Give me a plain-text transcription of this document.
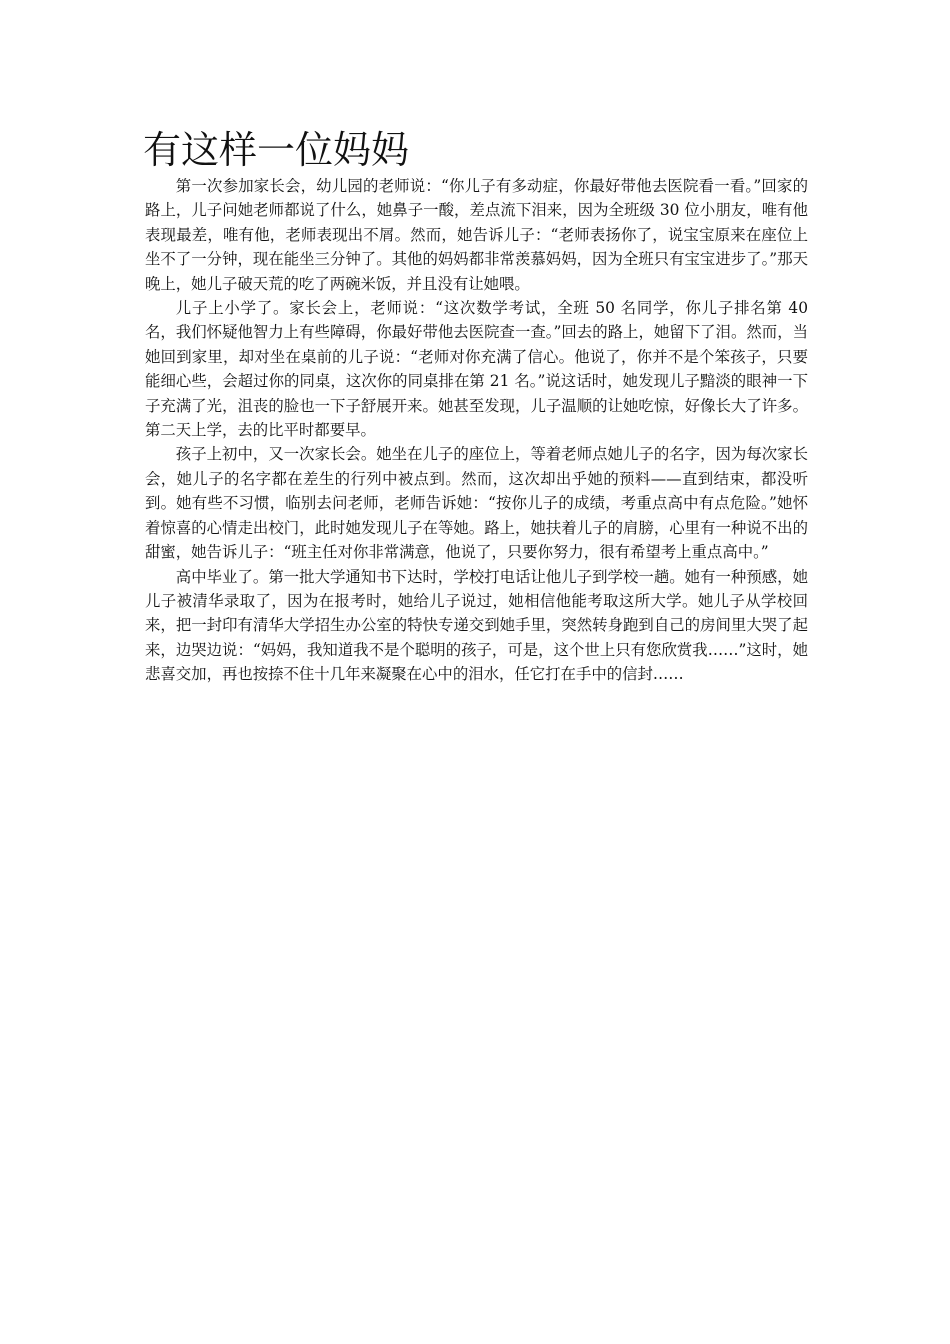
有这样一位妈妈

第一次参加家长会，幼儿园的老师说：“你儿子有多动症，你最好带他去医院看一看。”回家的路上，儿子问她老师都说了什么，她鼻子一酸，差点流下泪来，因为全班级 30 位小朋友，唯有他表现最差，唯有他，老师表现出不屑。然而，她告诉儿子：“老师表扬你了，说宝宝原来在座位上坐不了一分钟，现在能坐三分钟了。其他的妈妈都非常羡慕妈妈，因为全班只有宝宝进步了。”那天晚上，她儿子破天荒的吃了两碗米饭，并且没有让她喂。

儿子上小学了。家长会上，老师说：“这次数学考试，全班 50 名同学，你儿子排名第 40 名，我们怀疑他智力上有些障碍，你最好带他去医院查一查。”回去的路上，她留下了泪。然而，当她回到家里，却对坐在桌前的儿子说：“老师对你充满了信心。他说了，你并不是个笨孩子，只要能细心些，会超过你的同桌，这次你的同桌排在第 21 名。”说这话时，她发现儿子黯淡的眼神一下子充满了光，沮丧的脸也一下子舒展开来。她甚至发现，儿子温顺的让她吃惊，好像长大了许多。第二天上学，去的比平时都要早。

孩子上初中，又一次家长会。她坐在儿子的座位上，等着老师点她儿子的名字，因为每次家长会，她儿子的名字都在差生的行列中被点到。然而，这次却出乎她的预料——直到结束，都没听到。她有些不习惯，临别去问老师，老师告诉她：“按你儿子的成绩，考重点高中有点危险。”她怀着惊喜的心情走出校门，此时她发现儿子在等她。路上，她扶着儿子的肩膀，心里有一种说不出的甜蜜，她告诉儿子：“班主任对你非常满意，他说了，只要你努力，很有希望考上重点高中。”

高中毕业了。第一批大学通知书下达时，学校打电话让他儿子到学校一趟。她有一种预感，她儿子被清华录取了，因为在报考时，她给儿子说过，她相信他能考取这所大学。她儿子从学校回来，把一封印有清华大学招生办公室的特快专递交到她手里，突然转身跑到自己的房间里大哭了起来，边哭边说：“妈妈，我知道我不是个聪明的孩子，可是，这个世上只有您欣赏我……”这时，她悲喜交加，再也按捺不住十几年来凝聚在心中的泪水，任它打在手中的信封……
